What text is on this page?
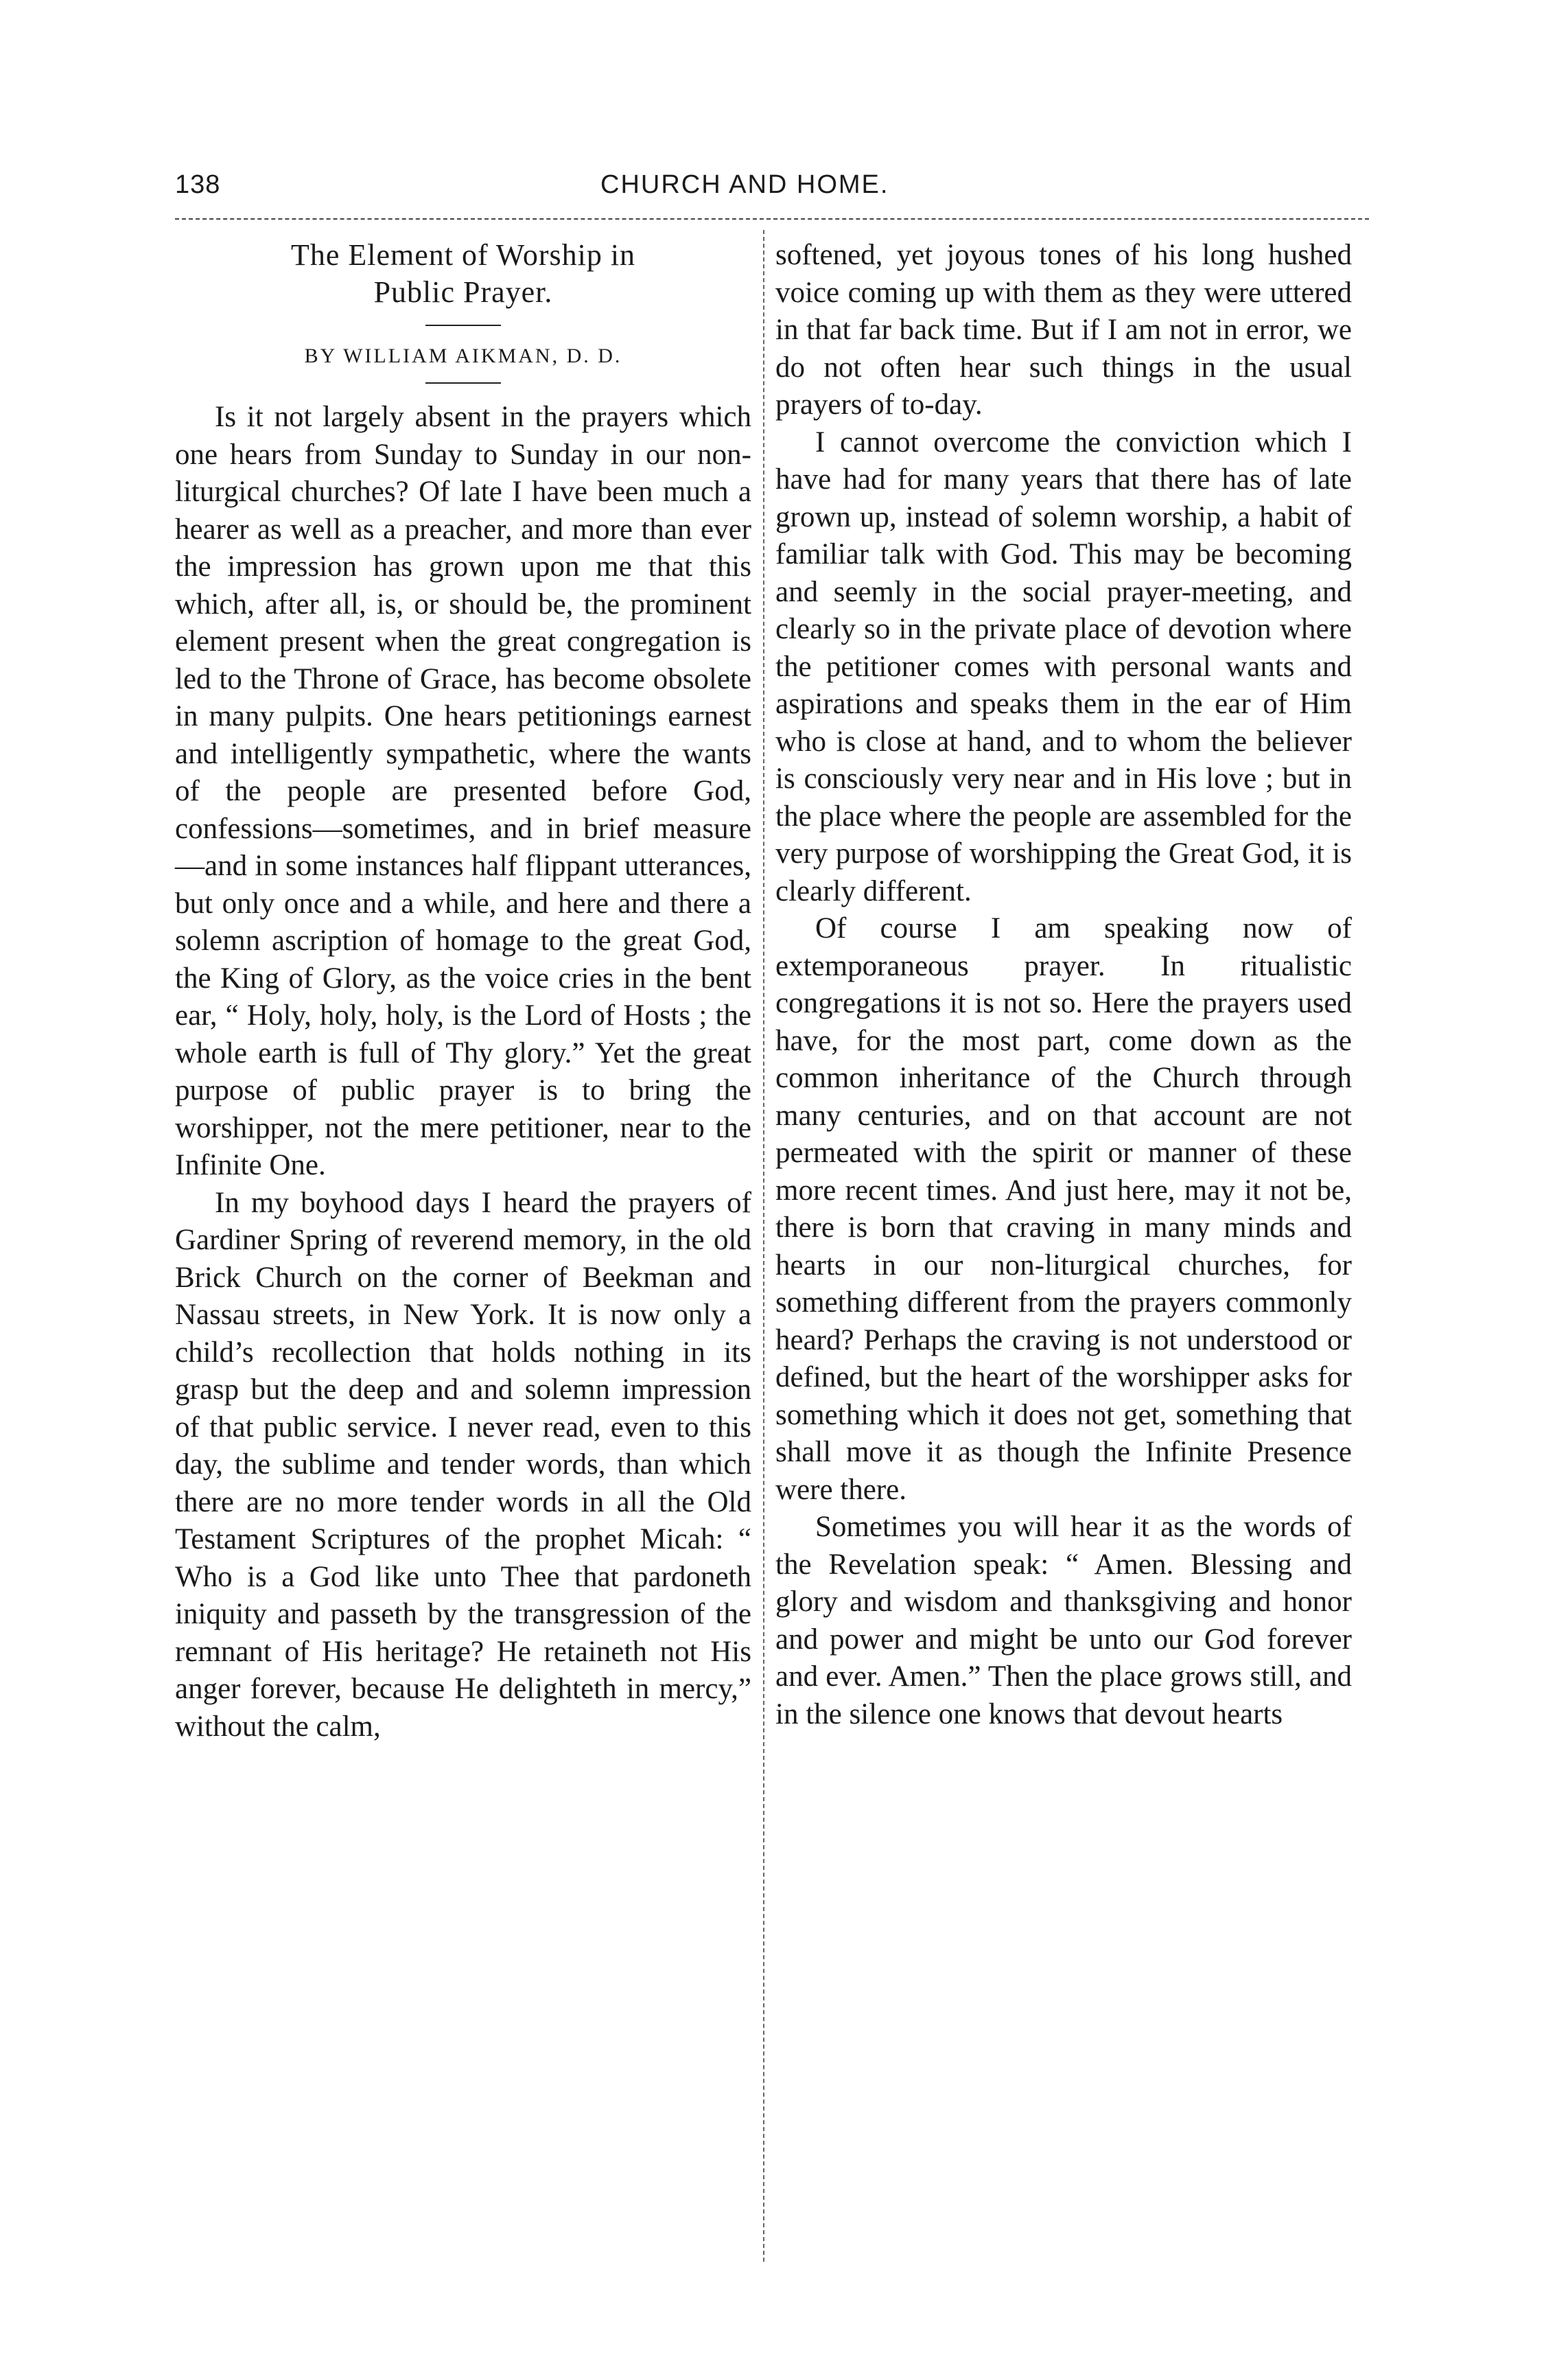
138	CHURCH AND HOME.
The Element of Worship in
Public Prayer.

BY WILLIAM AIKMAN, D. D.

Is it not largely absent in the prayers which one hears from Sunday to Sunday in our non-liturgical churches? Of late I have been much a hearer as well as a preacher, and more than ever the impression has grown upon me that this which, after all, is, or should be, the prominent element present when the great congregation is led to the Throne of Grace, has become obsolete in many pulpits. One hears petitionings earnest and intelligently sympathetic, where the wants of the people are presented before God, confessions—sometimes, and in brief measure—and in some instances half flippant utterances, but only once and a while, and here and there a solemn ascription of homage to the great God, the King of Glory, as the voice cries in the bent ear, “ Holy, holy, holy, is the Lord of Hosts ; the whole earth is full of Thy glory.” Yet the great purpose of public prayer is to bring the worshipper, not the mere petitioner, near to the Infinite One.

In my boyhood days I heard the prayers of Gardiner Spring of reverend memory, in the old Brick Church on the corner of Beekman and Nassau streets, in New York. It is now only a child’s recollection that holds nothing in its grasp but the deep and and solemn impression of that public service. I never read, even to this day, the sublime and tender words, than which there are no more tender words in all the Old Testament Scriptures of the prophet Micah: “ Who is a God like unto Thee that pardoneth iniquity and passeth by the transgression of the remnant of His heritage? He retaineth not His anger forever, because He delighteth in mercy,” without the calm,

softened, yet joyous tones of his long hushed voice coming up with them as they were uttered in that far back time. But if I am not in error, we do not often hear such things in the usual prayers of to-day.

I cannot overcome the conviction which I have had for many years that there has of late grown up, instead of solemn worship, a habit of familiar talk with God. This may be becoming and seemly in the social prayer-meeting, and clearly so in the private place of devotion where the petitioner comes with personal wants and aspirations and speaks them in the ear of Him who is close at hand, and to whom the believer is consciously very near and in His love ; but in the place where the people are assembled for the very purpose of worshipping the Great God, it is clearly different.

Of course I am speaking now of extemporaneous prayer. In ritualistic congregations it is not so. Here the prayers used have, for the most part, come down as the common inheritance of the Church through many centuries, and on that account are not permeated with the spirit or manner of these more recent times. And just here, may it not be, there is born that craving in many minds and hearts in our non-liturgical churches, for something different from the prayers commonly heard? Perhaps the craving is not understood or defined, but the heart of the worshipper asks for something which it does not get, something that shall move it as though the Infinite Presence were there.

Sometimes you will hear it as the words of the Revelation speak: “ Amen. Blessing and glory and wisdom and thanksgiving and honor and power and might be unto our God forever and ever. Amen.” Then the place grows still, and in the silence one knows that devout hearts
